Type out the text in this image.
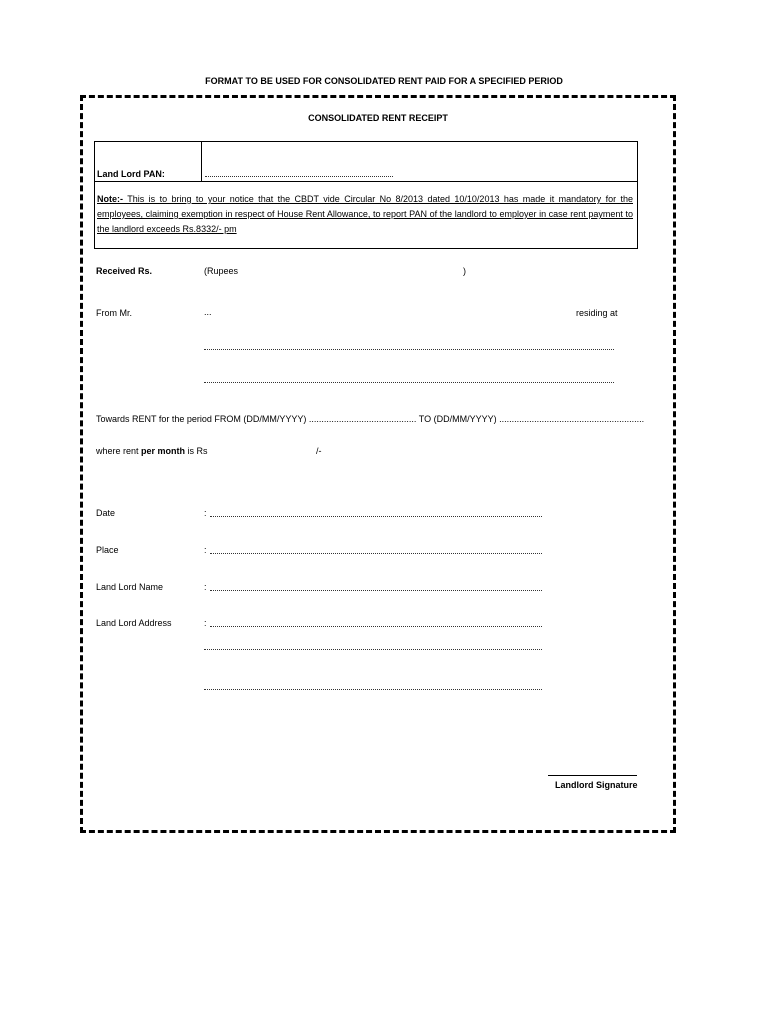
FORMAT TO BE USED FOR CONSOLIDATED RENT PAID FOR A SPECIFIED PERIOD
CONSOLIDATED RENT RECEIPT
Land Lord PAN:
Note:- This is to bring to your notice that the CBDT vide Circular No 8/2013 dated 10/10/2013 has made it mandatory for the employees, claiming exemption in respect of House Rent Allowance, to report PAN of the landlord to employer in case rent payment to the landlord exceeds Rs.8332/- pm
Received Rs.	(Rupees	)
From Mr.	...	residing at
Towards RENT for the period FROM (DD/MM/YYYY) ........................................... TO (DD/MM/YYYY) ..........................................................
where rent per month is Rs	/-
Date	:
Place	:
Land Lord Name	:
Land Lord Address	:
Landlord Signature
